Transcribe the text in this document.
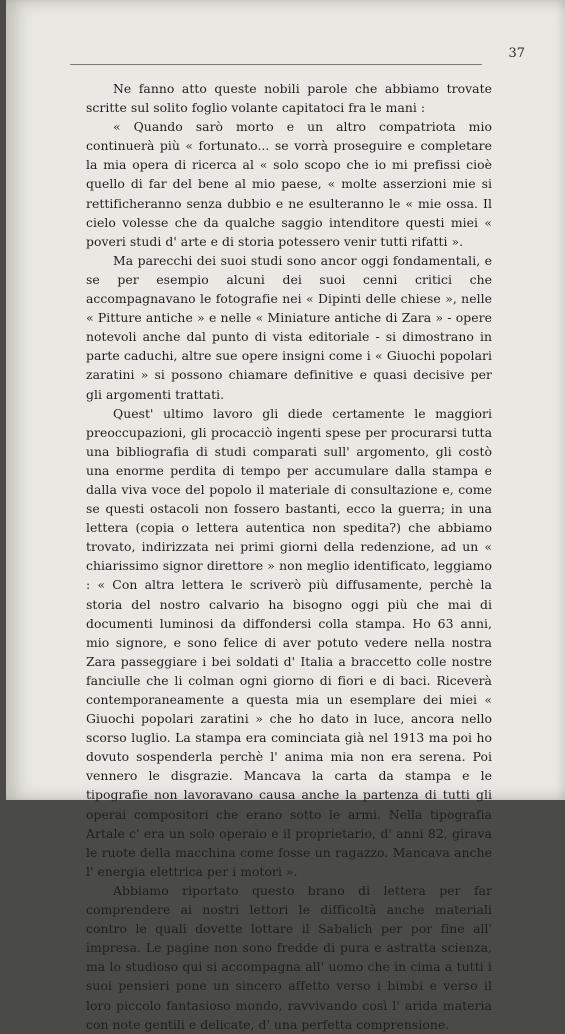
37

Ne fanno atto queste nobili parole che abbiamo trovate scritte sul solito foglio volante capitatoci fra le mani :

« Quando sarò morto e un altro compatriota mio continuerà più « fortunato... se vorrà proseguire e completare la mia opera di ricerca al « solo scopo che io mi prefissi cioè quello di far del bene al mio paese, « molte asserzioni mie si rettificheranno senza dubbio e ne esulteranno le « mie ossa. Il cielo volesse che da qualche saggio intenditore questi miei « poveri studi d' arte e di storia potessero venir tutti rifatti ».

Ma parecchi dei suoi studi sono ancor oggi fondamentali, e se per esempio alcuni dei suoi cenni critici che accompagnavano le fotografie nei « Dipinti delle chiese », nelle « Pitture antiche » e nelle « Miniature antiche di Zara » - opere notevoli anche dal punto di vista editoriale - si dimostrano in parte caduchi, altre sue opere insigni come i « Giuochi popolari zaratini » si possono chiamare definitive e quasi decisive per gli argomenti trattati.

Quest' ultimo lavoro gli diede certamente le maggiori preoccupazioni, gli procacciò ingenti spese per procurarsi tutta una bibliografia di studi comparati sull' argomento, gli costò una enorme perdita di tempo per accumulare dalla stampa e dalla viva voce del popolo il materiale di consultazione e, come se questi ostacoli non fossero bastanti, ecco la guerra; in una lettera (copia o lettera autentica non spedita?) che abbiamo trovato, indirizzata nei primi giorni della redenzione, ad un « chiarissimo signor direttore » non meglio identificato, leggiamo : « Con altra lettera le scriverò più diffusamente, perchè la storia del nostro calvario ha bisogno oggi più che mai di documenti luminosi da diffondersi colla stampa. Ho 63 anni, mio signore, e sono felice di aver potuto vedere nella nostra Zara passeggiare i bei soldati d' Italia a braccetto colle nostre fanciulle che li colman ogni giorno di fiori e di baci. Riceverà contemporaneamente a questa mia un esemplare dei miei « Giuochi popolari zaratini » che ho dato in luce, ancora nello scorso luglio. La stampa era cominciata già nel 1913 ma poi ho dovuto sospenderla perchè l' anima mia non era serena. Poi vennero le disgrazie. Mancava la carta da stampa e le tipografie non lavoravano causa anche la partenza di tutti gli operai compositori che erano sotto le armi. Nella tipografia Artale c' era un solo operaio e il proprietario, d' anni 82, girava le ruote della macchina come fosse un ragazzo. Mancava anche l' energia elettrica per i motori ».

Abbiamo riportato questo brano di lettera per far comprendere ai nostri lettori le difficoltà anche materiali contro le quali dovette lottare il Sabalich per por fine all' impresa. Le pagine non sono fredde di pura e astratta scienza, ma lo studioso qui si accompagna all' uomo che in cima a tutti i suoi pensieri pone un sincero affetto verso i bimbi e verso il loro piccolo fantasioso mondo, ravvivando così l' arida materia con note gentili e delicate, d' una perfetta comprensione.
